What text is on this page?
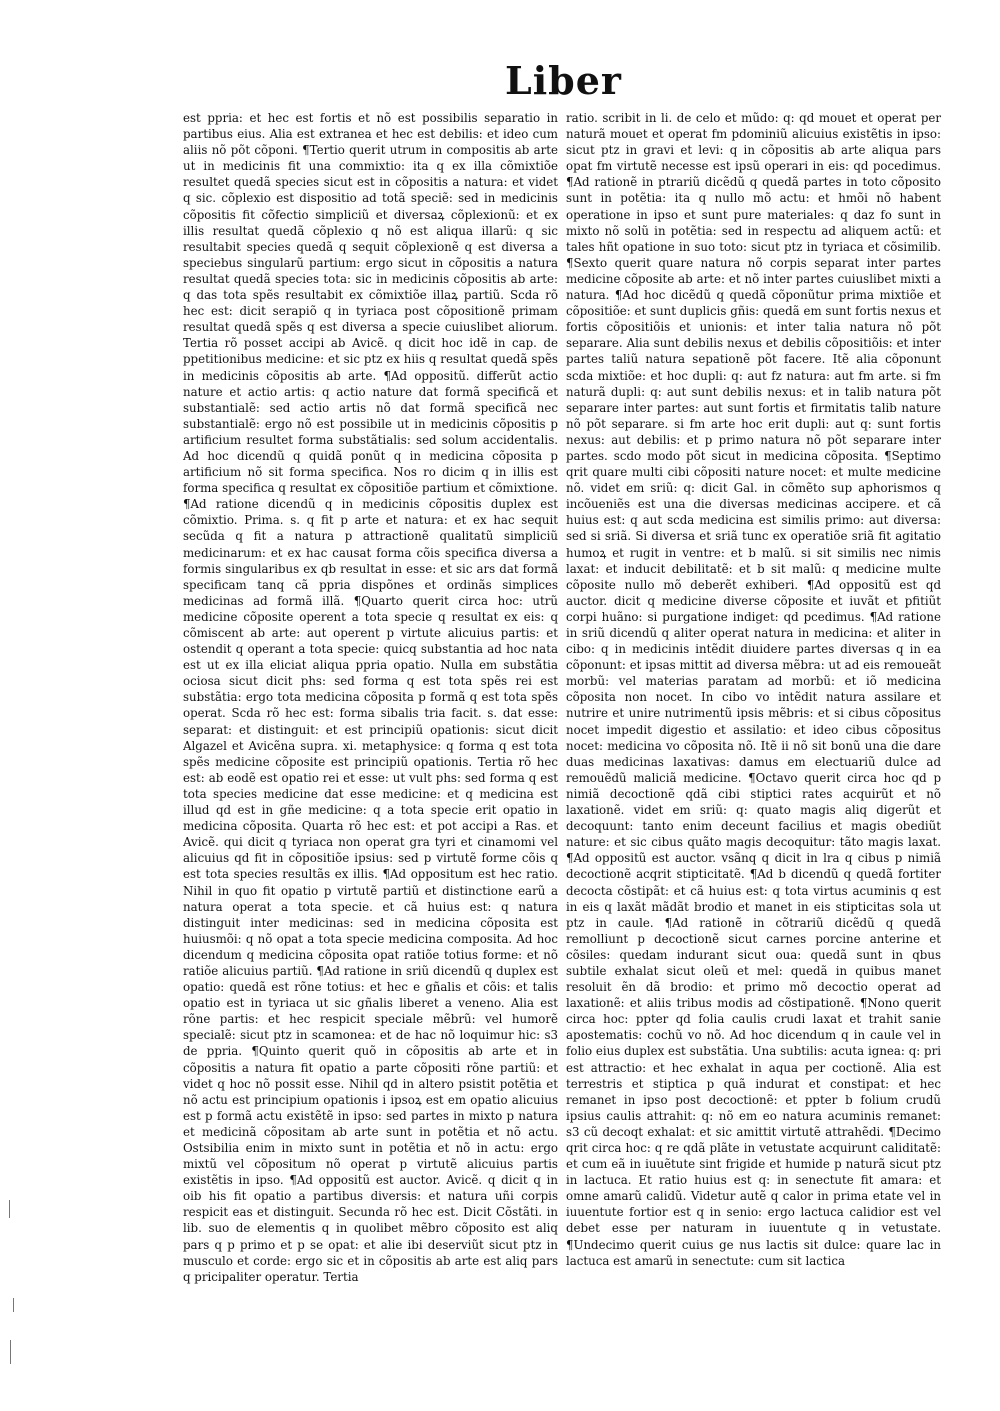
Liber

est ppria: et hec est fortis et nõ est possibilis separatio in partibus eius. Alia est extranea et hec est debilis: et ideo cum aliis nõ põt cõponi. ¶Tertio querit utrum in compositis ab arte ut in medicinis fit una commixtio: ita q ex illa cõmixtiõe resultet quedã species sicut est in cõpositis a natura: et videt q sic. cõplexio est dispositio ad totã speciẽ: sed in medicinis cõpositis fit cõfectio simpliciũ et diversaꝝ cõplexionũ: et ex illis resultat quedã cõplexio q nõ est aliqua illarũ: q sic resultabit species quedã q sequit cõplexionẽ q est diversa a speciebus singularũ partium: ergo sicut in cõpositis a natura resultat quedã species tota: sic in medicinis cõpositis ab arte: q das tota spẽs resultabit ex cõmixtiõe illaꝝ partiũ. Scda rõ hec est: dicit serapiõ q in tyriaca post cõpositionẽ primam resultat quedã spẽs q est diversa a specie cuiuslibet aliorum. Tertia rõ posset accipi ab Avicẽ. q dicit hoc idẽ in cap. de ppetitionibus medicine: et sic ptz ex hiis q resultat quedã spẽs in medicinis cõpositis ab arte. ¶Ad oppositũ. differũt actio nature et actio artis: q actio nature dat formã specificã et substantialẽ: sed actio artis nõ dat formã specificã nec substantialẽ: ergo nõ est possibile ut in medicinis cõpositis p artificium resultet forma substãtialis: sed solum accidentalis. Ad hoc dicendũ q quidã ponũt q in medicina cõposita p artificium nõ sit forma specifica. Nos ro dicim q in illis est forma specifica q resultat ex cõpositiõe partium et cõmixtione. ¶Ad ratione dicendũ q in medicinis cõpositis duplex est cõmixtio. Prima. s. q fit p arte et natura: et ex hac sequit secũda q fit a natura p attractionẽ qualitatũ simpliciũ medicinarum: et ex hac causat forma cõis specifica diversa a formis singularibus ex qb resultat in esse: et sic ars dat formã specificam tanq cã ppria dispõnes et ordinãs simplices medicinas ad formã illã. ¶Quarto querit circa hoc: utrũ medicine cõposite operent a tota specie q resultat ex eis: q cõmiscent ab arte: aut operent p virtute alicuius partis: et ostendit q operant a tota specie: quicq substantia ad hoc nata est ut ex illa eliciat aliqua ppria opatio. Nulla em substãtia ociosa sicut dicit phs: sed forma q est tota spẽs rei est substãtia: ergo tota medicina cõposita p formã q est tota spẽs operat. Scda rõ hec est: forma sibalis tria facit. s. dat esse: separat: et distinguit: et est principiũ opationis: sicut dicit Algazel et Avicẽna supra. xi. metaphysice: q forma q est tota spẽs medicine cõposite est principiũ opationis. Tertia rõ hec est: ab eodẽ est opatio rei et esse: ut vult phs: sed forma q est tota species medicine dat esse medicine: et q medicina est illud qd est in gñe medicine: q a tota specie erit opatio in medicina cõposita. Quarta rõ hec est: et pot accipi a Ras. et Avicẽ. qui dicit q tyriaca non operat gra tyri et cinamomi vel alicuius qd fit in cõpositiõe ipsius: sed p virtutẽ forme cõis q est tota species resultãs ex illis. ¶Ad oppositum est hec ratio. Nihil in quo fit opatio p virtutẽ partiũ et distinctione earũ a natura operat a tota specie. et cã huius est: q natura distinguit inter medicinas: sed in medicina cõposita est huiusmõi: q nõ opat a tota specie medicina composita. Ad hoc dicendum q medicina cõposita opat ratiõe totius forme: et nõ ratiõe alicuius partiũ. ¶Ad ratione in sriũ dicendũ q duplex est opatio: quedã est rõne totius: et hec e gñalis et cõis: et talis opatio est in tyriaca ut sic gñalis liberet a veneno. Alia est rõne partis: et hec respicit speciale mẽbrũ: vel humorẽ specialẽ: sicut ptz in scamonea: et de hac nõ loquimur hic: s3 de ppria. ¶Quinto querit quõ in cõpositis ab arte et in cõpositis a natura fit opatio a parte cõpositi rõne partiũ: et videt q hoc nõ possit esse. Nihil qd in altero psistit potẽtia et nõ actu est principium opationis i ipsoꝝ est em opatio alicuius est p formã actu existẽtẽ in ipso: sed partes in mixto p natura et medicinã cõpositam ab arte sunt in potẽtia et nõ actu. Ostsibilia enim in mixto sunt in potẽtia et nõ in actu: ergo mixtũ vel cõpositum nõ operat p virtutẽ alicuius partis existẽtis in ipso. ¶Ad oppositũ est auctor. Avicẽ. q dicit q in oib his fit opatio a partibus diversis: et natura uñi corpis respicit eas et distinguit. Secunda rõ hec est. Dicit Cõstãti. in lib. suo de elementis q in quolibet mẽbro cõposito est aliq pars q p primo et p se opat: et alie ibi deserviũt sicut ptz in musculo et corde: ergo sic et in cõpositis ab arte est aliq pars q pricipaliter operatur. Tertia

ratio. scribit in li. de celo et mũdo: q: qd mouet et operat per naturã mouet et operat fm pdominiũ alicuius existẽtis in ipso: sicut ptz in gravi et levi: q in cõpositis ab arte aliqua pars opat fm virtutẽ necesse est ipsũ operari in eis: qd pocedimus. ¶Ad rationẽ in ptrariũ dicẽdũ q quedã partes in toto cõposito sunt in potẽtia: ita q nullo mõ actu: et hmõi nõ habent operatione in ipso et sunt pure materiales: q daz fo sunt in mixto nõ solũ in potẽtia: sed in respectu ad aliquem actũ: et tales hñt opatione in suo toto: sicut ptz in tyriaca et cõsimilib. ¶Sexto querit quare natura nõ corpis separat inter partes medicine cõposite ab arte: et nõ inter partes cuiuslibet mixti a natura. ¶Ad hoc dicẽdũ q quedã cõponũtur prima mixtiõe et cõpositiõe: et sunt duplicis gñis: quedã em sunt fortis nexus et fortis cõpositiõis et unionis: et inter talia natura nõ põt separare. Alia sunt debilis nexus et debilis cõpositiõis: et inter partes taliũ natura sepationẽ põt facere. Itẽ alia cõponunt scda mixtiõe: et hoc dupli: q: aut fz natura: aut fm arte. si fm naturã dupli: q: aut sunt debilis nexus: et in talib natura põt separare inter partes: aut sunt fortis et firmitatis talib nature nõ põt separare. si fm arte hoc erit dupli: aut q: sunt fortis nexus: aut debilis: et p primo natura nõ põt separare inter partes. scdo modo põt sicut in medicina cõposita. ¶Septimo qrit quare multi cibi cõpositi nature nocet: et multe medicine nõ. videt em sriũ: q: dicit Gal. in cõmẽto sup aphorismos q incõueniẽs est una die diversas medicinas accipere. et cã huius est: q aut scda medicina est similis primo: aut diversa: sed si sriã. Si diversa et sriã tunc ex operatiõe sriã fit agitatio humoꝝ et rugit in ventre: et b malũ. si sit similis nec nimis laxat: et inducit debilitatẽ: et b sit malũ: q medicine multe cõposite nullo mõ deberẽt exhiberi. ¶Ad oppositũ est qd auctor. dicit q medicine diverse cõposite et iuvãt et pfitiũt corpi huãno: si purgatione indiget: qd pcedimus. ¶Ad ratione in sriũ dicendũ q aliter operat natura in medicina: et aliter in cibo: q in medicinis intẽdit diuidere partes diversas q in ea cõponunt: et ipsas mittit ad diversa mẽbra: ut ad eis remoueãt morbũ: vel materias paratam ad morbũ: et iõ medicina cõposita non nocet. In cibo vo intẽdit natura assilare et nutrire et unire nutrimentũ ipsis mẽbris: et si cibus cõpositus nocet impedit digestio et assilatio: et ideo cibus cõpositus nocet: medicina vo cõposita nõ. Itẽ ii nõ sit bonũ una die dare duas medicinas laxativas: damus em electuariũ dulce ad remouẽdũ maliciã medicine. ¶Octavo querit circa hoc qd p nimiã decoctionẽ qdã cibi stiptici rates acquirũt et nõ laxationẽ. videt em sriũ: q: quato magis aliq digerũt et decoquunt: tanto enim deceunt facilius et magis obediũt nature: et sic cibus quãto magis decoquitur: tãto magis laxat. ¶Ad oppositũ est auctor. vsãnq q dicit in lra q cibus p nimiã decoctionẽ acqrit stipticitatẽ. ¶Ad b dicendũ q quedã fortiter decocta cõstipãt: et cã huius est: q tota virtus acuminis q est in eis q laxãt mãdãt brodio et manet in eis stipticitas sola ut ptz in caule. ¶Ad rationẽ in cõtrariũ dicẽdũ q quedã remolliunt p decoctionẽ sicut carnes porcine anterine et cõsiles: quedam indurant sicut oua: quedã sunt in qbus subtile exhalat sicut oleũ et mel: quedã in quibus manet resoluit ẽn dã brodio: et primo mõ decoctio operat ad laxationẽ: et aliis tribus modis ad cõstipationẽ. ¶Nono querit circa hoc: ppter qd folia caulis crudi laxat et trahit sanie apostematis: cochũ vo nõ. Ad hoc dicendum q in caule vel in folio eius duplex est substãtia. Una subtilis: acuta ignea: q: pri est attractio: et hec exhalat in aqua per coctionẽ. Alia est terrestris et stiptica p quã indurat et constipat: et hec remanet in ipso post decoctionẽ: et ppter b folium crudũ ipsius caulis attrahit: q: nõ em eo natura acuminis remanet: s3 cũ decoqt exhalat: et sic amittit virtutẽ attrahẽdi. ¶Decimo qrit circa hoc: q re qdã plãte in vetustate acquirunt caliditatẽ: et cum eã in iuuẽtute sint frigide et humide p naturã sicut ptz in lactuca. Et ratio huius est q: in senectute fit amara: et omne amarũ calidũ. Videtur autẽ q calor in prima etate vel in iuuentute fortior est q in senio: ergo lactuca calidior est vel debet esse per naturam in iuuentute q in vetustate. ¶Undecimo querit cuius ge nus lactis sit dulce: quare lac in lactuca est amarũ in senectute: cum sit lactica
